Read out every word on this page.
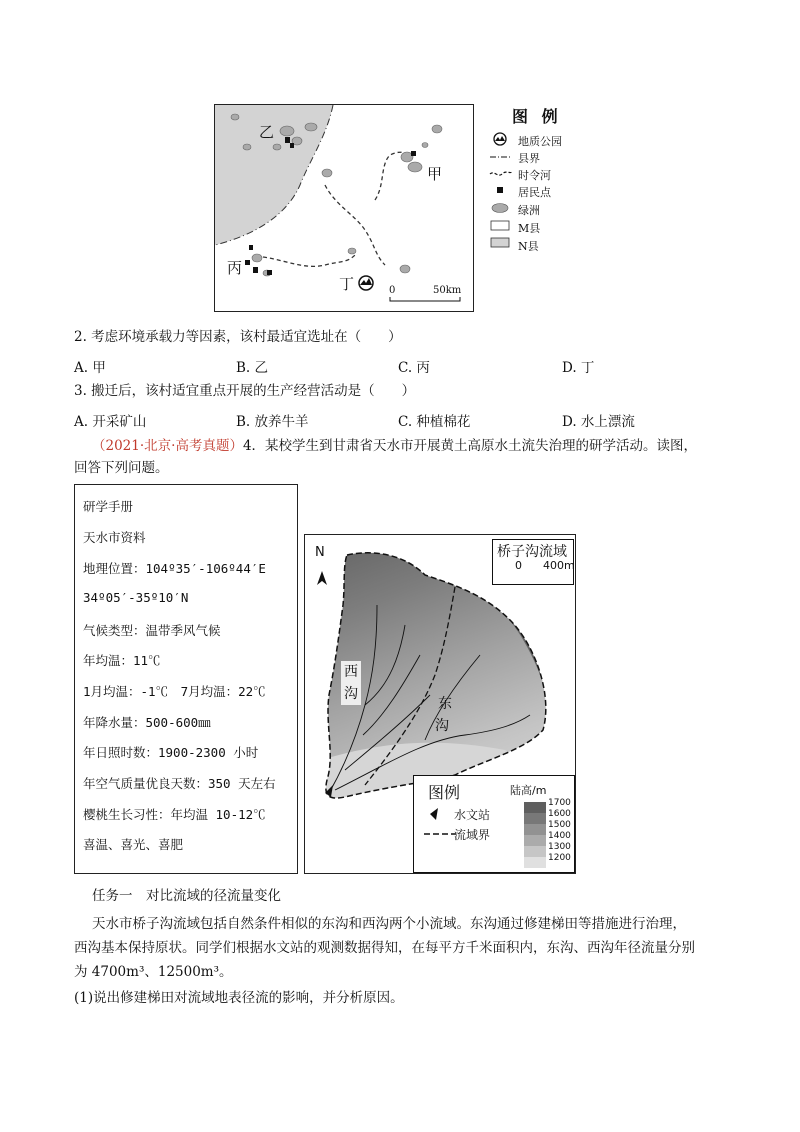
乙
甲
丙
丁	0	50km
图 例
地质公园
县界
时令河
居民点
绿洲
M县
N县
2. 考虑环境承载力等因素，该村最适宜选址在（　　）
A. 甲	B. 乙	C. 丙	D. 丁
3. 搬迁后，该村适宜重点开展的生产经营活动是（　　）
A. 开采矿山	B. 放养牛羊	C. 种植棉花	D. 水上漂流
（2021·北京·高考真题）4．某校学生到甘肃省天水市开展黄土高原水土流失治理的研学活动。读图，
回答下列问题。
研学手册
天水市资料
地理位置：104º35′-106º44′E
34º05′-35º10′N
气候类型：温带季风气候
年均温：11℃
1月均温：-1℃　7月均温：22℃
年降水量：500-600㎜
年日照时数：1900-2300 小时
年空气质量优良天数：350 天左右
樱桃生长习性：年均温 10-12℃
喜温、喜光、喜肥
桥子沟流域
0 400m
N
西
沟
东
沟
图例	陆高/m
水文站
流域界
1700
1600
1500
1400
1300
1200
任务一　对比流域的径流量变化
天水市桥子沟流域包括自然条件相似的东沟和西沟两个小流域。东沟通过修建梯田等措施进行治理，
西沟基本保持原状。同学们根据水文站的观测数据得知，在每平方千米面积内，东沟、西沟年径流量分别
为 4700m³、12500m³。
(1)说出修建梯田对流域地表径流的影响，并分析原因。
